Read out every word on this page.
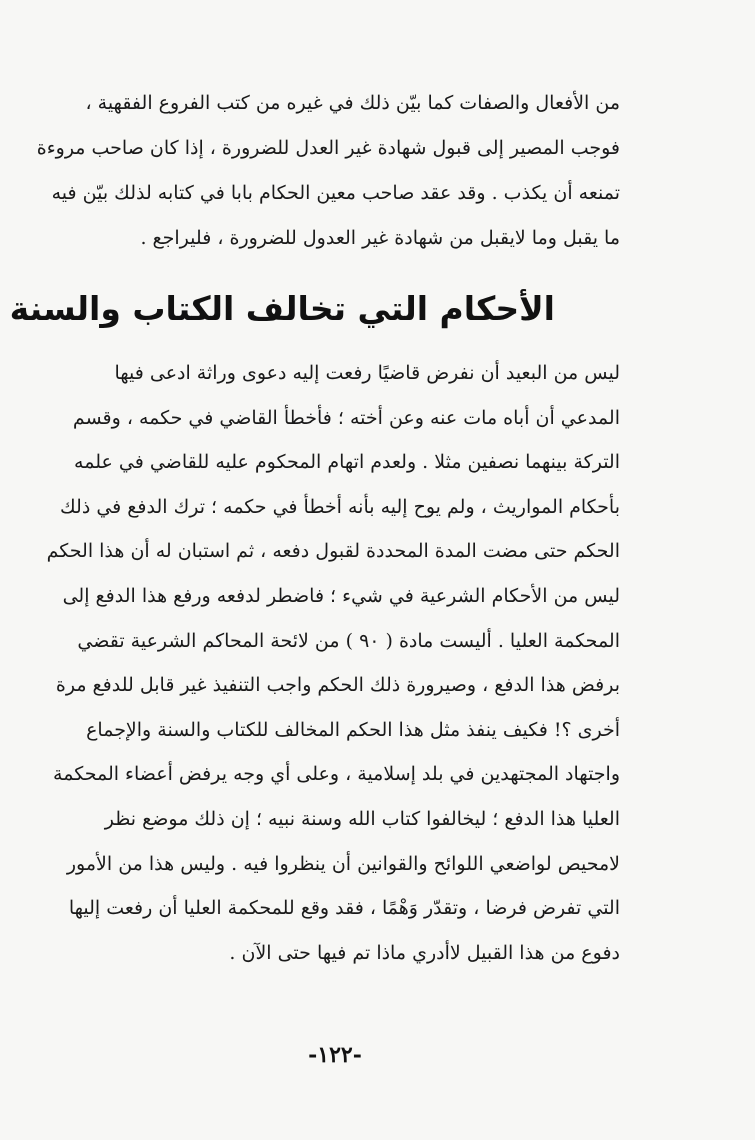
من الأفعال والصفات كما بيّن ذلك في غيره من كتب الفروع الفقهية ،
فوجب المصير إلى قبول شهادة غير العدل للضرورة ، إذا كان صاحب مروءة
تمنعه أن يكذب . وقد عقد صاحب معين الحكام بابا في كتابه لذلك بيّن فيه
ما يقبل وما لايقبل من شهادة غير العدول للضرورة ، فليراجع .
الأحكام التي تخالف الكتاب والسنة
ليس من البعيد أن نفرض قاضيًا رفعت إليه دعوى وراثة ادعى فيها
المدعي أن أباه مات عنه وعن أخته ؛ فأخطأ القاضي في حكمه ، وقسم
التركة بينهما نصفين مثلا . ولعدم اتهام المحكوم عليه للقاضي في علمه
بأحكام المواريث ، ولم يوح إليه بأنه أخطأ في حكمه ؛ ترك الدفع في ذلك
الحكم حتى مضت المدة المحددة لقبول دفعه ، ثم استبان له أن هذا الحكم
ليس من الأحكام الشرعية في شيء ؛ فاضطر لدفعه ورفع هذا الدفع إلى
المحكمة العليا . أليست مادة ( ٩٠ ) من لائحة المحاكم الشرعية تقضي
برفض هذا الدفع ، وصيرورة ذلك الحكم واجب التنفيذ غير قابل للدفع مرة
أخرى ؟! فكيف ينفذ مثل هذا الحكم المخالف للكتاب والسنة والإجماع
واجتهاد المجتهدين في بلد إسلامية ، وعلى أي وجه يرفض أعضاء المحكمة
العليا هذا الدفع ؛ ليخالفوا كتاب الله وسنة نبيه ؛ إن ذلك موضع نظر
لامحيص لواضعي اللوائح والقوانين أن ينظروا فيه . وليس هذا من الأمور
التي تفرض فرضا ، وتقدّر وَهْمًا ، فقد وقع للمحكمة العليا أن رفعت إليها
دفوع من هذا القبيل لاأدري ماذا تم فيها حتى الآن .
-١٢٢-
